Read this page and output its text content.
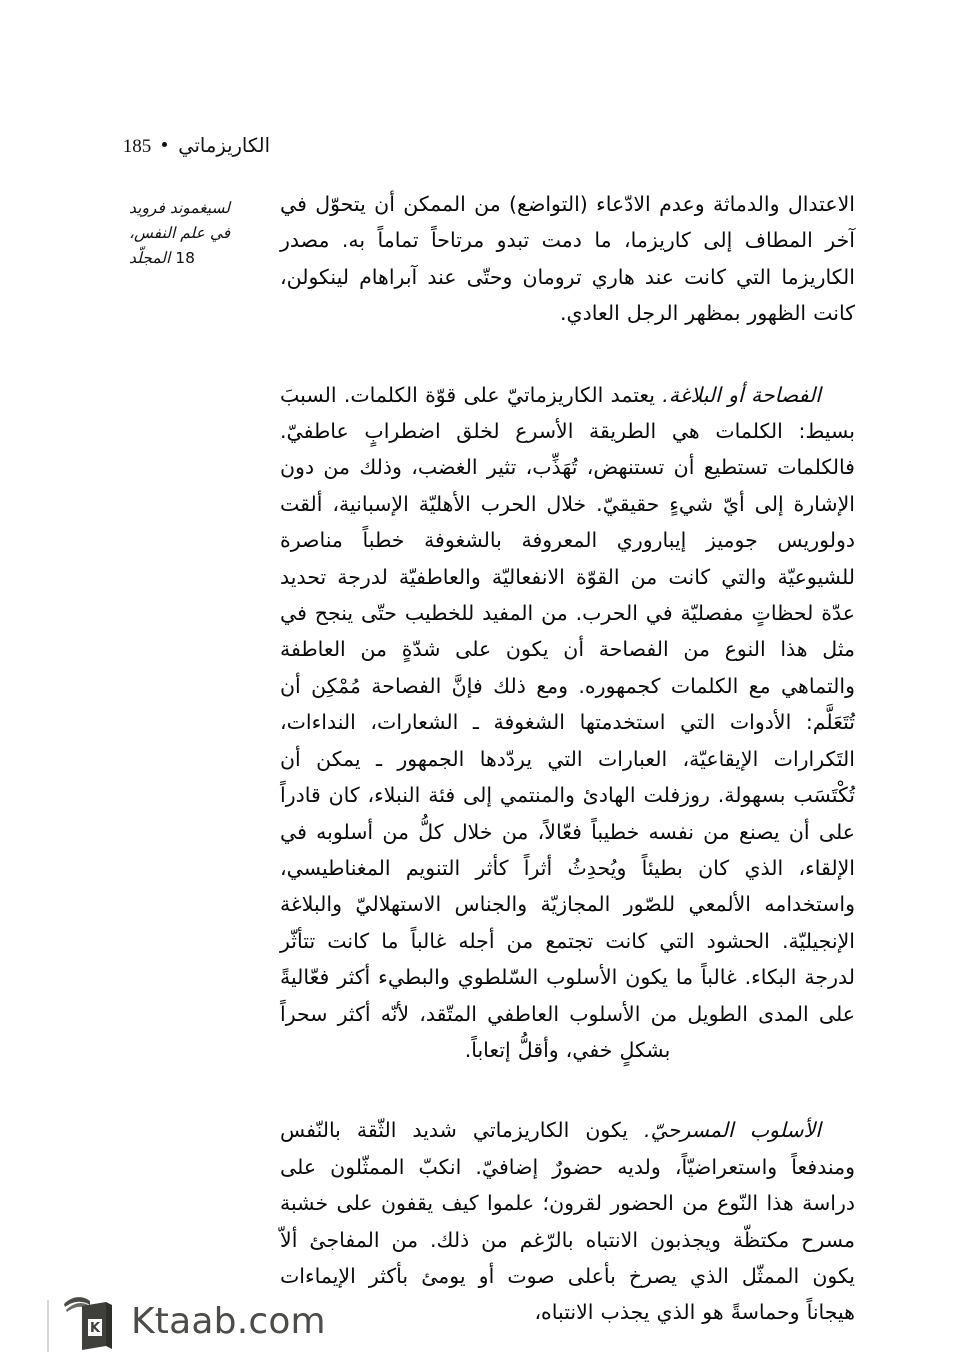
الكاريزماتي
185
لسيغموند فرويد
في علم النفس،
18 المجلّد

الاعتدال والدماثة وعدم الادّعاء (التواضع) من الممكن أن يتحوّل في آخر المطاف إلى كاريزما، ما دمت تبدو مرتاحاً تماماً به. مصدر الكاريزما التي كانت عند هاري ترومان وحتّى عند آبراهام لينكولن، كانت الظهور بمظهر الرجل العادي.

الفصاحة أو البلاغة. يعتمد الكاريزماتيّ على قوّة الكلمات. السببَ بسيط: الكلمات هي الطريقة الأسرع لخلق اضطرابٍ عاطفيّ. فالكلمات تستطيع أن تستنهض، تُهَذِّب، تثير الغضب، وذلك من دون الإشارة إلى أيّ شيءٍ حقيقيّ. خلال الحرب الأهليّة الإسبانية، ألقت دولوريس جوميز إيباروري المعروفة بالشغوفة خطباً مناصرة للشيوعيّة والتي كانت من القوّة الانفعاليّة والعاطفيّة لدرجة تحديد عدّة لحظاتٍ مفصليّة في الحرب. من المفيد للخطيب حتّى ينجح في مثل هذا النوع من الفصاحة أن يكون على شدّةٍ من العاطفة والتماهي مع الكلمات كجمهوره. ومع ذلك فإنَّ الفصاحة مُمْكِن أن تُتَعَلَّم: الأدوات التي استخدمتها الشغوفة ـ الشعارات، النداءات، التَكرارات الإيقاعيّة، العبارات التي يردّدها الجمهور ـ يمكن أن تُكْتَسَب بسهولة. روزفلت الهادئ والمنتمي إلى فئة النبلاء، كان قادراً على أن يصنع من نفسه خطيباً فعّالاً، من خلال كلُّ من أسلوبه في الإلقاء، الذي كان بطيئاً ويُحدِثُ أثراً كأثر التنويم المغناطيسي، واستخدامه الألمعي للصّور المجازيّة والجناس الاستهلاليّ والبلاغة الإنجيليّة. الحشود التي كانت تجتمع من أجله غالباً ما كانت تتأثّر لدرجة البكاء. غالباً ما يكون الأسلوب السّلطوي والبطيء أكثر فعّاليةً على المدى الطويل من الأسلوب العاطفي المتّقد، لأنّه أكثر سحراً بشكلٍ خفي، وأقلُّ إتعاباً.

الأسلوب المسرحيّ. يكون الكاريزماتي شديد الثّقة بالنّفس ومندفعاً واستعراضيّاً، ولديه حضورٌ إضافيّ. انكبّ الممثّلون على دراسة هذا النّوع من الحضور لقرون؛ علموا كيف يقفون على خشبة مسرح مكتظّة ويجذبون الانتباه بالرّغم من ذلك. من المفاجئ ألاّ يكون الممثّل الذي يصرخ بأعلى صوت أو يومئ بأكثر الإيماءات هيجاناً وحماسةً هو الذي يجذب الانتباه،

K Ktaab.com
